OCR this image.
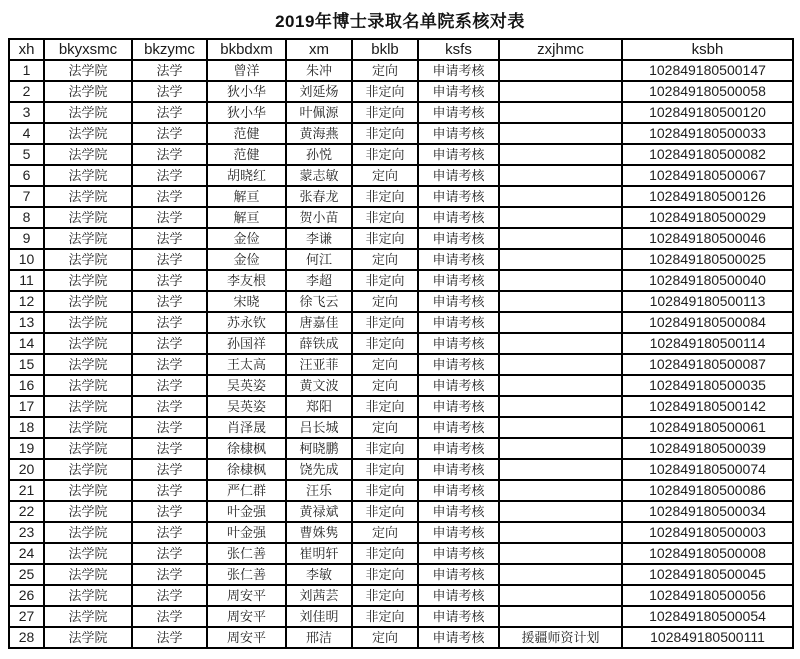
2019年博士录取名单院系核对表
xh	bkyxsmc	bkzymc	bkbdxm	xm	bklb	ksfs	zxjhmc	ksbh
1	法学院	法学	曾洋	朱冲	定向	申请考核		102849180500147
2	法学院	法学	狄小华	刘延炀	非定向	申请考核		102849180500058
3	法学院	法学	狄小华	叶佩源	非定向	申请考核		102849180500120
4	法学院	法学	范健	黄海燕	非定向	申请考核		102849180500033
5	法学院	法学	范健	孙悦	非定向	申请考核		102849180500082
6	法学院	法学	胡晓红	蒙志敏	定向	申请考核		102849180500067
7	法学院	法学	解亘	张春龙	非定向	申请考核		102849180500126
8	法学院	法学	解亘	贺小苗	非定向	申请考核		102849180500029
9	法学院	法学	金俭	李谦	非定向	申请考核		102849180500046
10	法学院	法学	金俭	何江	定向	申请考核		102849180500025
11	法学院	法学	李友根	李超	非定向	申请考核		102849180500040
12	法学院	法学	宋晓	徐飞云	定向	申请考核		102849180500113
13	法学院	法学	苏永钦	唐嘉佳	非定向	申请考核		102849180500084
14	法学院	法学	孙国祥	薛铁成	非定向	申请考核		102849180500114
15	法学院	法学	王太高	汪亚菲	定向	申请考核		102849180500087
16	法学院	法学	吴英姿	黄文波	定向	申请考核		102849180500035
17	法学院	法学	吴英姿	郑阳	非定向	申请考核		102849180500142
18	法学院	法学	肖泽晟	吕长城	定向	申请考核		102849180500061
19	法学院	法学	徐棣枫	柯晓鹏	非定向	申请考核		102849180500039
20	法学院	法学	徐棣枫	饶先成	非定向	申请考核		102849180500074
21	法学院	法学	严仁群	汪乐	非定向	申请考核		102849180500086
22	法学院	法学	叶金强	黄禄斌	非定向	申请考核		102849180500034
23	法学院	法学	叶金强	曹姝隽	定向	申请考核		102849180500003
24	法学院	法学	张仁善	崔明轩	非定向	申请考核		102849180500008
25	法学院	法学	张仁善	李敏	非定向	申请考核		102849180500045
26	法学院	法学	周安平	刘茜芸	非定向	申请考核		102849180500056
27	法学院	法学	周安平	刘佳明	非定向	申请考核		102849180500054
28	法学院	法学	周安平	邢洁	定向	申请考核	援疆师资计划	102849180500111
